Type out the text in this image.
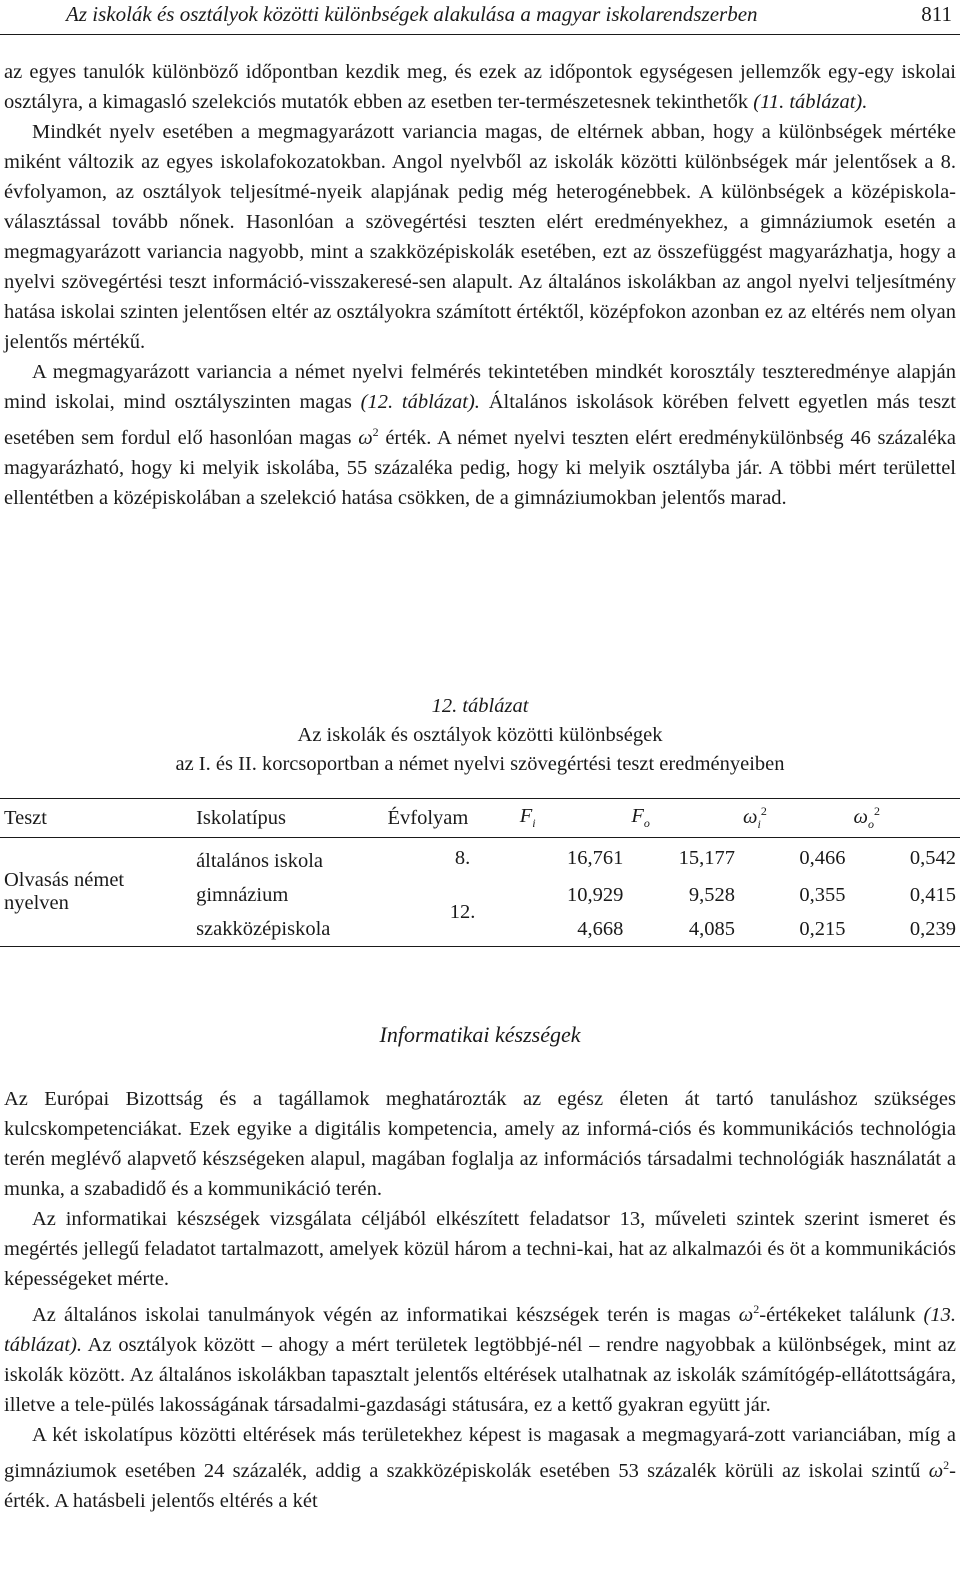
Az iskolák és osztályok közötti különbségek alakulása a magyar iskolarendszerben	811

az egyes tanulók különböző időpontban kezdik meg, és ezek az időpontok egységesen jellemzők egy-egy iskolai osztályra, a kimagasló szelekciós mutatók ebben az esetben ter-természetesnek tekinthetők (11. táblázat).

Mindkét nyelv esetében a megmagyarázott variancia magas, de eltérnek abban, hogy a különbségek mértéke miként változik az egyes iskolafokozatokban. Angol nyelvből az iskolák közötti különbségek már jelentősek a 8. évfolyamon, az osztályok teljesítmé-nyeik alapjának pedig még heterogénebbek. A különbségek a középiskola-választással tovább nőnek. Hasonlóan a szövegértési teszten elért eredményekhez, a gimnáziumok esetén a megmagyarázott variancia nagyobb, mint a szakközépiskolák esetében, ezt az összefüggést magyarázhatja, hogy a nyelvi szövegértési teszt információ-visszakeresé-sen alapult. Az általános iskolákban az angol nyelvi teljesítmény hatása iskolai szinten jelentősen eltér az osztályokra számított értéktől, középfokon azonban ez az eltérés nem olyan jelentős mértékű.

A megmagyarázott variancia a német nyelvi felmérés tekintetében mindkét korosztály teszteredménye alapján mind iskolai, mind osztályszinten magas (12. táblázat). Általános iskolások körében felvett egyetlen más teszt esetében sem fordul elő hasonlóan magas $\omega^2$ érték. A német nyelvi teszten elért eredménykülönbség 46 százaléka magyarázható, hogy ki melyik iskolába, 55 százaléka pedig, hogy ki melyik osztályba jár. A többi mért területtel ellentétben a középiskolában a szelekció hatása csökken, de a gimnáziumokban jelentős marad.

12. táblázat
Az iskolák és osztályok közötti különbségek
az I. és II. korcsoportban a német nyelvi szövegértési teszt eredményeiben
Teszt	Iskolatípus	Évfolyam	$F_i$	$F_o$	$\omega_i^2$	$\omega_o^2$
Olvasás német nyelven	általános iskola	8.	16,761	15,177	0,466	0,542
	gimnázium	12.	10,929	9,528	0,355	0,415
	szakközépiskola		4,668	4,085	0,215	0,239
Informatikai készségek

Az Európai Bizottság és a tagállamok meghatározták az egész életen át tartó tanuláshoz szükséges kulcskompetenciákat. Ezek egyike a digitális kompetencia, amely az informá-ciós és kommunikációs technológia terén meglévő alapvető készségeken alapul, magában foglalja az információs társadalmi technológiák használatát a munka, a szabadidő és a kommunikáció terén.

Az informatikai készségek vizsgálata céljából elkészített feladatsor 13, műveleti szintek szerint ismeret és megértés jellegű feladatot tartalmazott, amelyek közül három a techni-kai, hat az alkalmazói és öt a kommunikációs képességeket mérte.

Az általános iskolai tanulmányok végén az informatikai készségek terén is magas $\omega^2$-értékeket találunk (13. táblázat). Az osztályok között – ahogy a mért területek legtöbbjé-nél – rendre nagyobbak a különbségek, mint az iskolák között. Az általános iskolákban tapasztalt jelentős eltérések utalhatnak az iskolák számítógép-ellátottságára, illetve a tele-pülés lakosságának társadalmi-gazdasági státusára, ez a kettő gyakran együtt jár.

A két iskolatípus közötti eltérések más területekhez képest is magasak a megmagyará-zott varianciában, míg a gimnáziumok esetében 24 százalék, addig a szakközépiskolák esetében 53 százalék körüli az iskolai szintű $\omega^2$-érték. A hatásbeli jelentős eltérés a két
